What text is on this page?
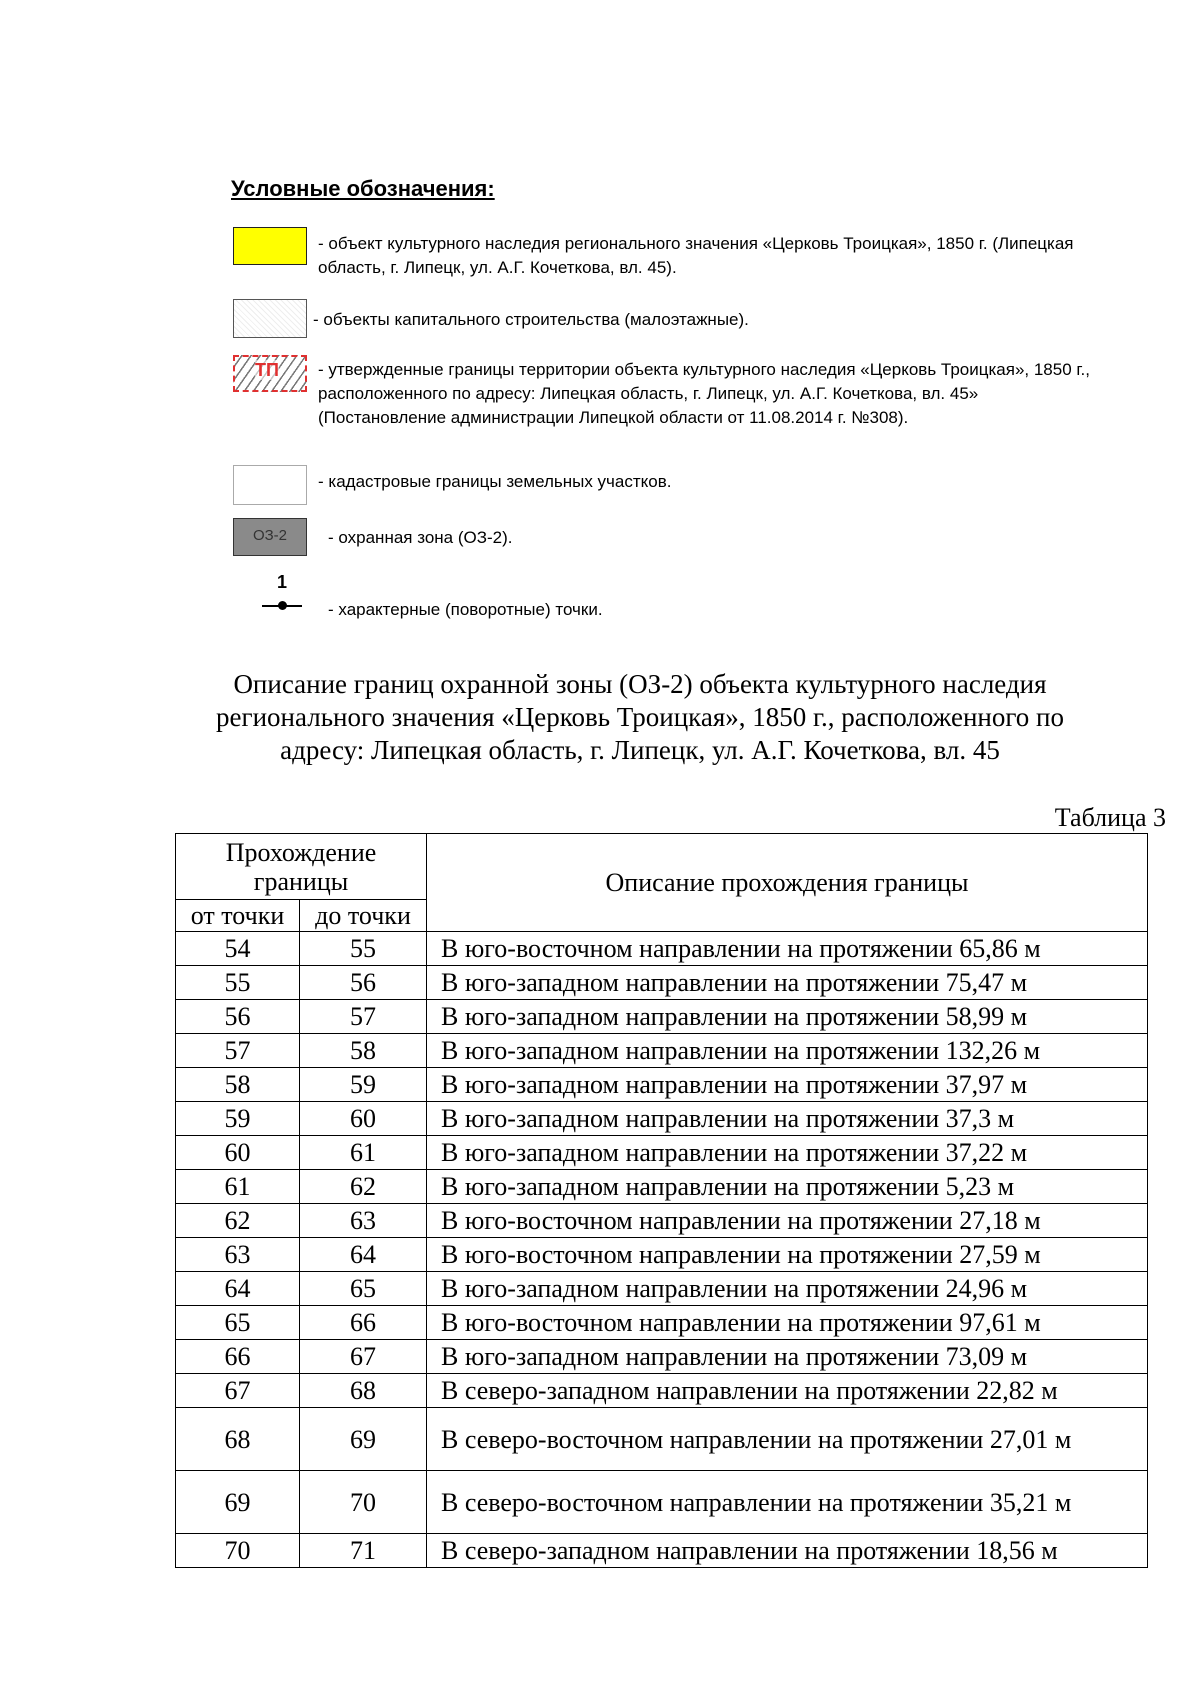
Условные обозначения:
- объект культурного наследия регионального значения «Церковь Троицкая», 1850 г. (Липецкая область, г. Липецк, ул. А.Г. Кочеткова, вл. 45).
- объекты капитального строительства (малоэтажные).
ТП - утвержденные границы территории объекта культурного наследия «Церковь Троицкая», 1850 г., расположенного по адресу: Липецкая область, г. Липецк, ул. А.Г. Кочеткова, вл. 45» (Постановление администрации Липецкой области от 11.08.2014 г. №308).
- кадастровые границы земельных участков.
ОЗ-2	- охранная зона (ОЗ-2).
1
- характерные (поворотные) точки.
Описание границ охранной зоны (ОЗ-2) объекта культурного наследия регионального значения «Церковь Троицкая», 1850 г., расположенного по адресу: Липецкая область, г. Липецк, ул. А.Г. Кочеткова, вл. 45
Таблица 3
Прохождение границы		Описание прохождения границы
от точки	до точки	
54	55	В юго-восточном направлении на протяжении 65,86 м
55	56	В юго-западном направлении на протяжении 75,47 м
56	57	В юго-западном направлении на протяжении 58,99 м
57	58	В юго-западном направлении на протяжении 132,26 м
58	59	В юго-западном направлении на протяжении 37,97 м
59	60	В юго-западном направлении на протяжении 37,3 м
60	61	В юго-западном направлении на протяжении 37,22 м
61	62	В юго-западном направлении на протяжении 5,23 м
62	63	В юго-восточном направлении на протяжении 27,18 м
63	64	В юго-восточном направлении на протяжении 27,59 м
64	65	В юго-западном направлении на протяжении 24,96 м
65	66	В юго-восточном направлении на протяжении 97,61 м
66	67	В юго-западном направлении на протяжении 73,09 м
67	68	В северо-западном направлении на протяжении 22,82 м
68	69	В северо-восточном направлении на протяжении 27,01 м
69	70	В северо-восточном направлении на протяжении 35,21 м
70	71	В северо-западном направлении на протяжении 18,56 м
